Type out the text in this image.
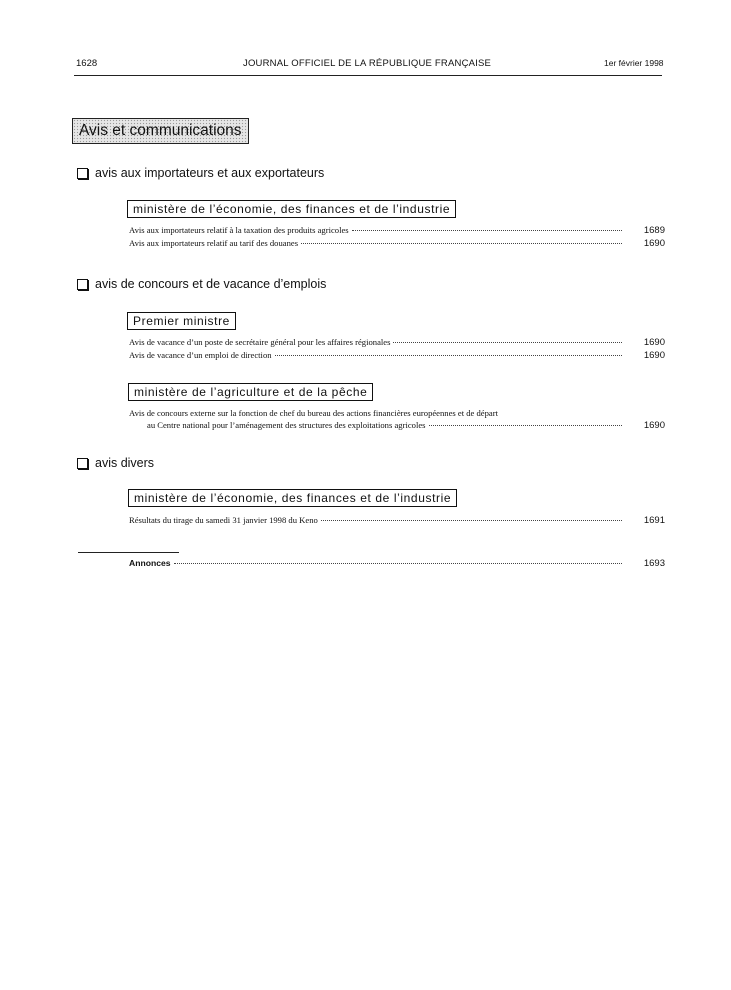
1628	JOURNAL OFFICIEL DE LA RÉPUBLIQUE FRANÇAISE	1er février 1998
Avis et communications
avis aux importateurs et aux exportateurs
ministère de l’économie, des finances et de l’industrie
Avis aux importateurs relatif à la taxation des produits agricoles	1689
Avis aux importateurs relatif au tarif des douanes	1690
avis de concours et de vacance d’emplois
Premier ministre
Avis de vacance d’un poste de secrétaire général pour les affaires régionales	1690
Avis de vacance d’un emploi de direction	1690
ministère de l’agriculture et de la pêche
Avis de concours externe sur la fonction de chef du bureau des actions financières européennes et de départ
au Centre national pour l’aménagement des structures des exploitations agricoles	1690
avis divers
ministère de l’économie, des finances et de l’industrie
Résultats du tirage du samedi 31 janvier 1998 du Keno	1691
Annonces	1693
